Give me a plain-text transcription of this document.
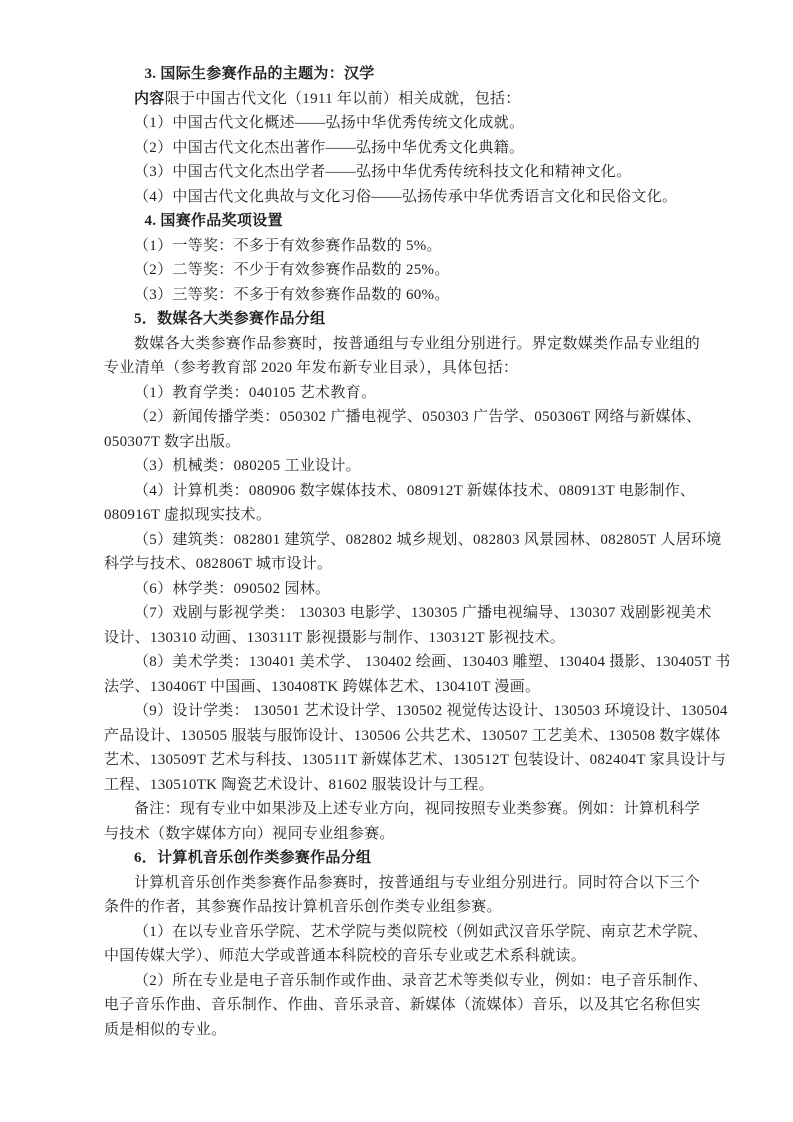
3. 国际生参赛作品的主题为：汉学
内容限于中国古代文化（1911 年以前）相关成就，包括：
（1）中国古代文化概述——弘扬中华优秀传统文化成就。
（2）中国古代文化杰出著作——弘扬中华优秀文化典籍。
（3）中国古代文化杰出学者——弘扬中华优秀传统科技文化和精神文化。
（4）中国古代文化典故与文化习俗——弘扬传承中华优秀语言文化和民俗文化。
4. 国赛作品奖项设置
（1）一等奖：不多于有效参赛作品数的 5%。
（2）二等奖：不少于有效参赛作品数的 25%。
（3）三等奖：不多于有效参赛作品数的 60%。
5．数媒各大类参赛作品分组
数媒各大类参赛作品参赛时，按普通组与专业组分别进行。界定数媒类作品专业组的
专业清单（参考教育部 2020 年发布新专业目录），具体包括：
（1）教育学类：040105 艺术教育。
（2）新闻传播学类：050302 广播电视学、050303 广告学、050306T 网络与新媒体、
050307T 数字出版。
（3）机械类：080205 工业设计。
（4）计算机类：080906 数字媒体技术、080912T 新媒体技术、080913T 电影制作、
080916T 虚拟现实技术。
（5）建筑类：082801 建筑学、082802 城乡规划、082803 风景园林、082805T 人居环境
科学与技术、082806T 城市设计。
（6）林学类：090502 园林。
（7）戏剧与影视学类： 130303 电影学、130305 广播电视编导、130307 戏剧影视美术
设计、130310 动画、130311T 影视摄影与制作、130312T 影视技术。
（8）美术学类：130401 美术学、 130402 绘画、130403 雕塑、130404 摄影、130405T 书
法学、130406T 中国画、130408TK 跨媒体艺术、130410T 漫画。
（9）设计学类： 130501 艺术设计学、130502 视觉传达设计、130503 环境设计、130504
产品设计、130505 服装与服饰设计、130506 公共艺术、130507 工艺美术、130508 数字媒体
艺术、130509T 艺术与科技、130511T 新媒体艺术、130512T 包装设计、082404T 家具设计与
工程、130510TK 陶瓷艺术设计、81602 服装设计与工程。
备注：现有专业中如果涉及上述专业方向，视同按照专业类参赛。例如：计算机科学
与技术（数字媒体方向）视同专业组参赛。
6．计算机音乐创作类参赛作品分组
计算机音乐创作类参赛作品参赛时，按普通组与专业组分别进行。同时符合以下三个
条件的作者，其参赛作品按计算机音乐创作类专业组参赛。
（1）在以专业音乐学院、艺术学院与类似院校（例如武汉音乐学院、南京艺术学院、
中国传媒大学）、师范大学或普通本科院校的音乐专业或艺术系科就读。
（2）所在专业是电子音乐制作或作曲、录音艺术等类似专业，例如：电子音乐制作、
电子音乐作曲、音乐制作、作曲、音乐录音、新媒体（流媒体）音乐，以及其它名称但实
质是相似的专业。
